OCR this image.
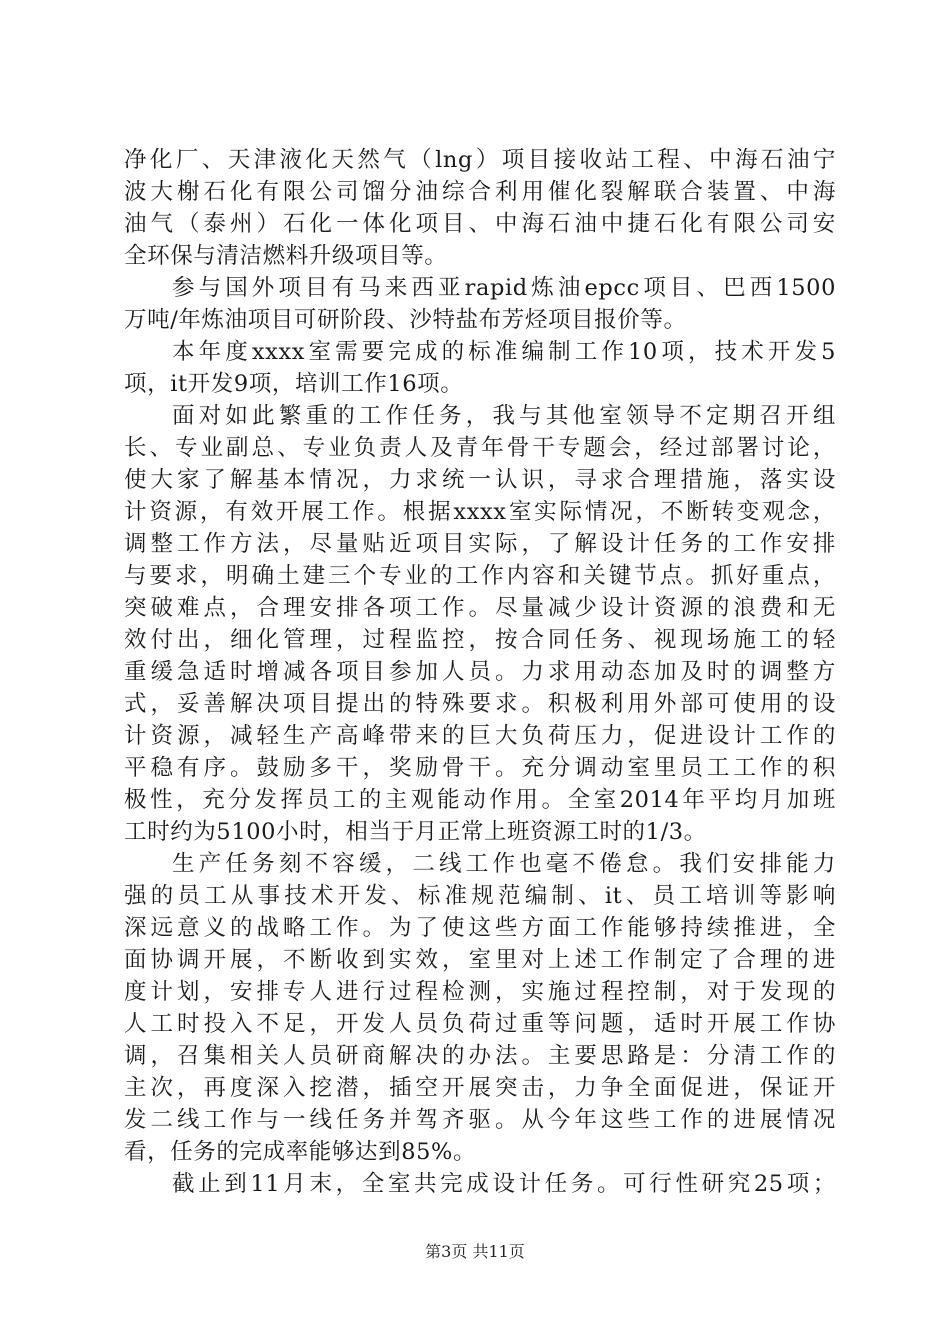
净化厂、天津液化天然气（lng）项目接收站工程、中海石油宁
波大榭石化有限公司馏分油综合利用催化裂解联合装置、中海
油气（泰州）石化一体化项目、中海石油中捷石化有限公司安
全环保与清洁燃料升级项目等。
参与国外项目有马来西亚rapid炼油epcc项目、巴西1500
万吨/年炼油项目可研阶段、沙特盐布芳烃项目报价等。
本年度xxxx室需要完成的标准编制工作10项，技术开发5
项，it开发9项，培训工作16项。
面对如此繁重的工作任务，我与其他室领导不定期召开组
长、专业副总、专业负责人及青年骨干专题会，经过部署讨论，
使大家了解基本情况，力求统一认识，寻求合理措施，落实设
计资源，有效开展工作。根据xxxx室实际情况，不断转变观念，
调整工作方法，尽量贴近项目实际，了解设计任务的工作安排
与要求，明确土建三个专业的工作内容和关键节点。抓好重点，
突破难点，合理安排各项工作。尽量减少设计资源的浪费和无
效付出，细化管理，过程监控，按合同任务、视现场施工的轻
重缓急适时增减各项目参加人员。力求用动态加及时的调整方
式，妥善解决项目提出的特殊要求。积极利用外部可使用的设
计资源，减轻生产高峰带来的巨大负荷压力，促进设计工作的
平稳有序。鼓励多干，奖励骨干。充分调动室里员工工作的积
极性，充分发挥员工的主观能动作用。全室2014年平均月加班
工时约为5100小时，相当于月正常上班资源工时的1/3。
生产任务刻不容缓，二线工作也毫不倦怠。我们安排能力
强的员工从事技术开发、标准规范编制、it、员工培训等影响
深远意义的战略工作。为了使这些方面工作能够持续推进，全
面协调开展，不断收到实效，室里对上述工作制定了合理的进
度计划，安排专人进行过程检测，实施过程控制，对于发现的
人工时投入不足，开发人员负荷过重等问题，适时开展工作协
调，召集相关人员研商解决的办法。主要思路是：分清工作的
主次，再度深入挖潜，插空开展突击，力争全面促进，保证开
发二线工作与一线任务并驾齐驱。从今年这些工作的进展情况
看，任务的完成率能够达到85%。
截止到11月末，全室共完成设计任务。可行性研究25项；
第3页 共11页
